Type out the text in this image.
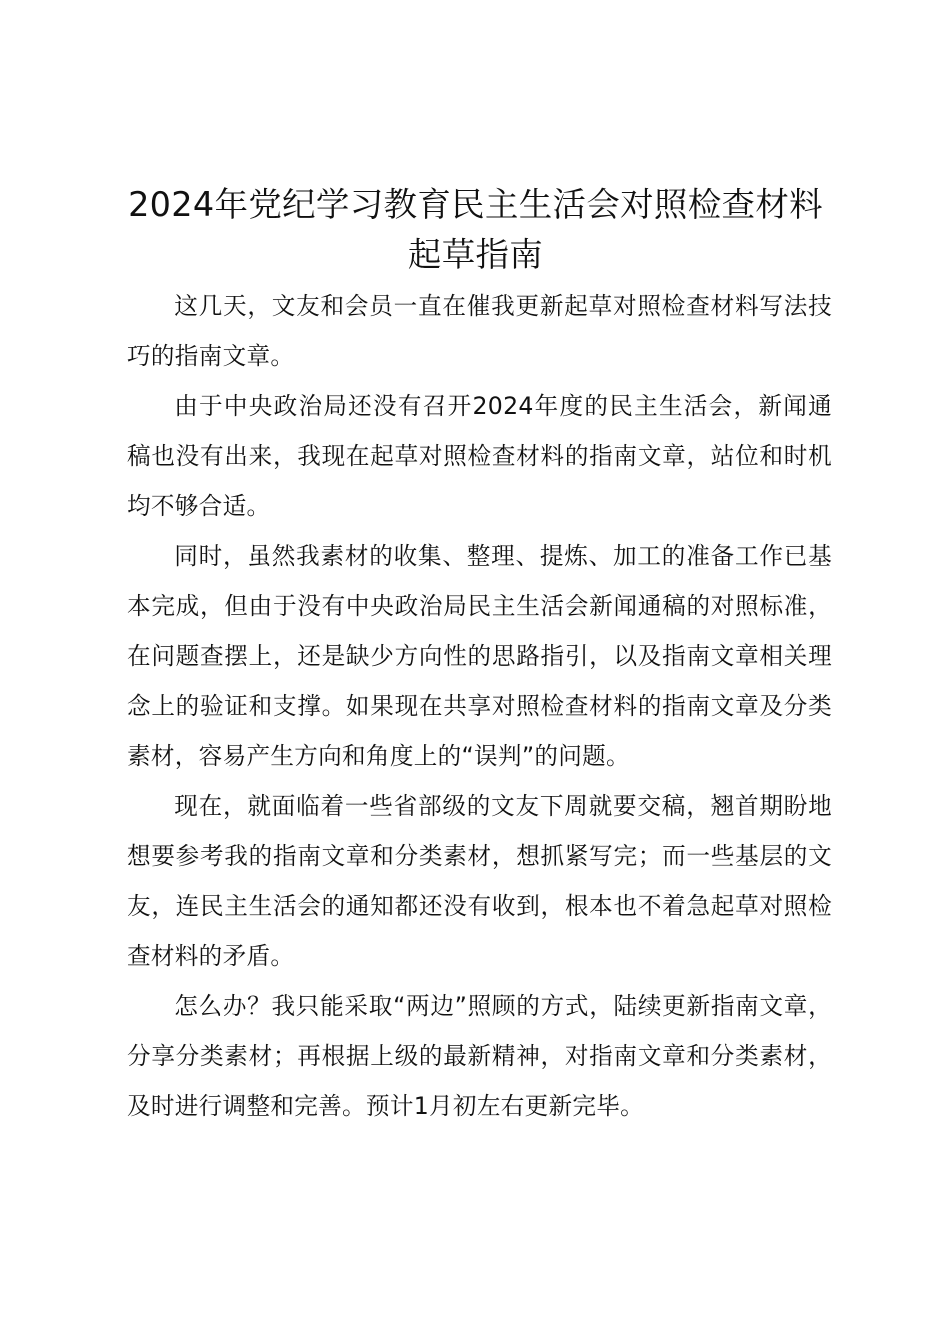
2024年党纪学习教育民主生活会对照检查材料起草指南

这几天，文友和会员一直在催我更新起草对照检查材料写法技巧的指南文章。

由于中央政治局还没有召开2024年度的民主生活会，新闻通稿也没有出来，我现在起草对照检查材料的指南文章，站位和时机均不够合适。

同时，虽然我素材的收集、整理、提炼、加工的准备工作已基本完成，但由于没有中央政治局民主生活会新闻通稿的对照标准，在问题查摆上，还是缺少方向性的思路指引，以及指南文章相关理念上的验证和支撑。如果现在共享对照检查材料的指南文章及分类素材，容易产生方向和角度上的“误判”的问题。

现在，就面临着一些省部级的文友下周就要交稿，翘首期盼地想要参考我的指南文章和分类素材，想抓紧写完；而一些基层的文友，连民主生活会的通知都还没有收到，根本也不着急起草对照检查材料的矛盾。

怎么办？我只能采取“两边”照顾的方式，陆续更新指南文章，分享分类素材；再根据上级的最新精神，对指南文章和分类素材，及时进行调整和完善。预计1月初左右更新完毕。
